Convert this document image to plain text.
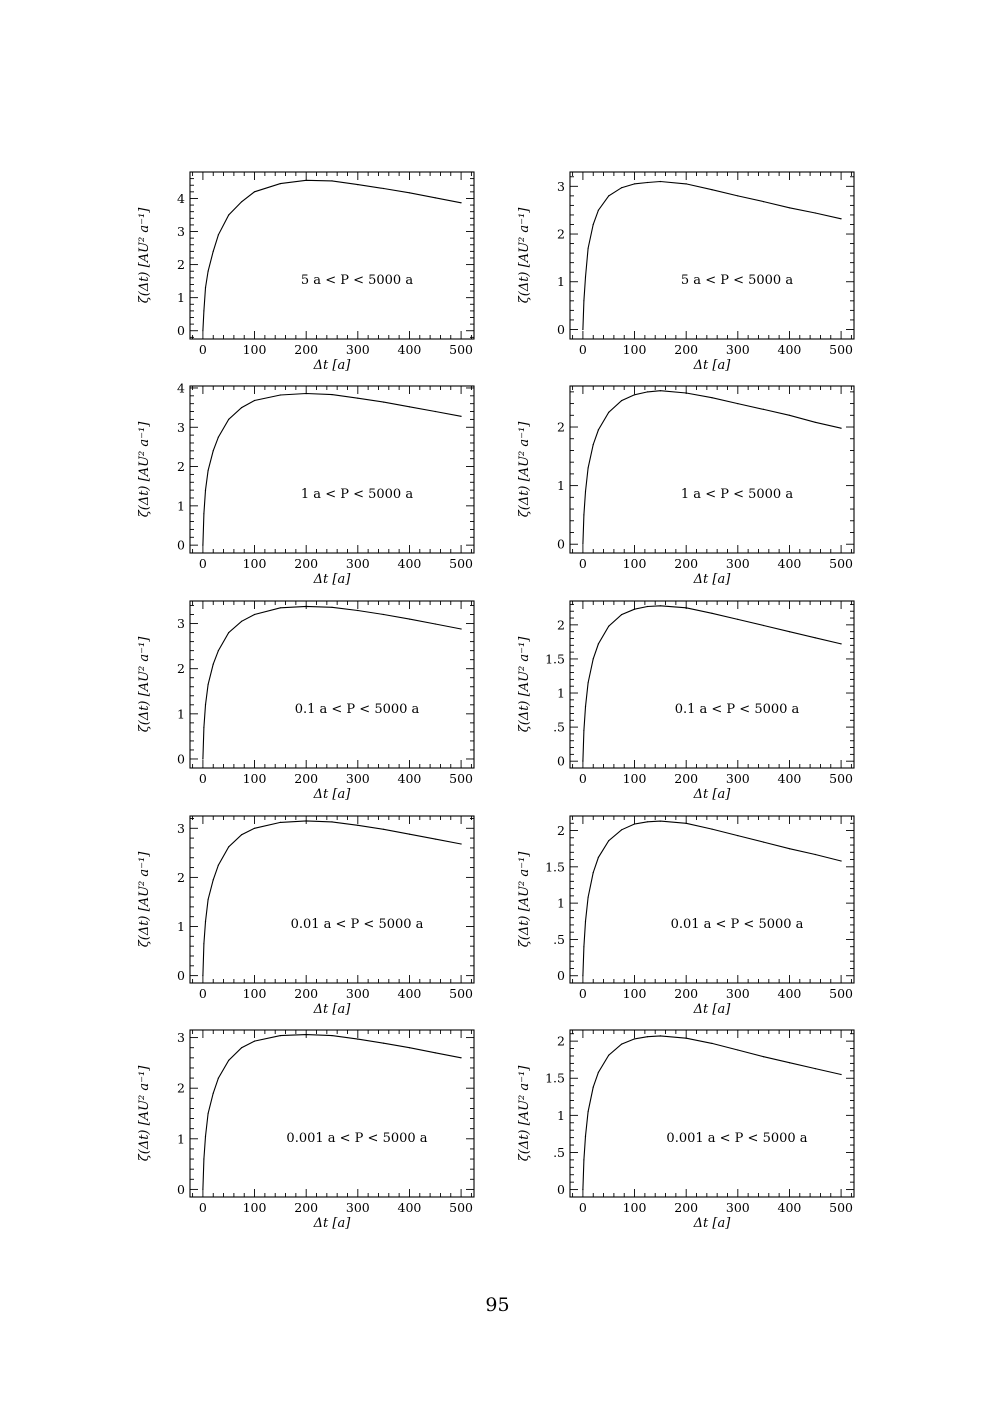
0	100 200 300 400 500
0
1
2
3
4
Δt [a]
ζ(Δt) [AU² a⁻¹]	5 a < P < 5000 a
0	100 200 300 400 500
0
1
2
3
Δt [a]
ζ(Δt) [AU² a⁻¹]	5 a < P < 5000 a
0	100 200 300 400 500
0
1
2
3
4
Δt [a]
ζ(Δt) [AU² a⁻¹]	1 a < P < 5000 a
0	100 200 300 400 500
0
1
2
Δt [a]
ζ(Δt) [AU² a⁻¹]	1 a < P < 5000 a
0	100 200 300 400 500
0
1
2
3
Δt [a]
ζ(Δt) [AU² a⁻¹]	0.1 a < P < 5000 a
0	100 200 300 400 500
0
.5
1
1.5
2
Δt [a]
ζ(Δt) [AU² a⁻¹]	0.1 a < P < 5000 a
0	100 200 300 400 500
0
1
2
3
Δt [a]
ζ(Δt) [AU² a⁻¹]	0.01 a < P < 5000 a
0	100 200 300 400 500
0
.5
1
1.5
2
Δt [a]
ζ(Δt) [AU² a⁻¹]	0.01 a < P < 5000 a
0	100 200 300 400 500
0
1
2
3
Δt [a]
ζ(Δt) [AU² a⁻¹]	0.001 a < P < 5000 a
0	100 200 300 400 500
0
.5
1
1.5
2
Δt [a]
ζ(Δt) [AU² a⁻¹]	0.001 a < P < 5000 a
95
